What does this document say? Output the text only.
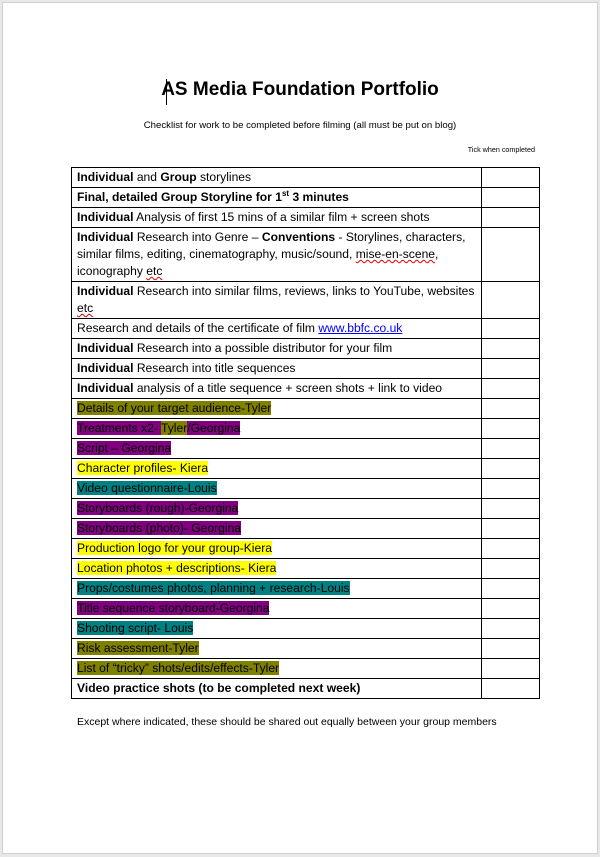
AS Media Foundation Portfolio
Checklist for work to be completed before filming (all must be put on blog)
Tick when completed
Individual and Group storylines	
Final, detailed Group Storyline for 1st 3 minutes	
Individual Analysis of first 15 mins of a similar film + screen shots	
Individual Research into Genre – Conventions - Storylines, characters, similar films, editing, cinematography, music/sound, mise-en-scene, iconography etc	
Individual Research into similar films, reviews, links to YouTube, websites etc	
Research and details of the certificate of film www.bbfc.co.uk	
Individual Research into a possible distributor for your film	
Individual Research into title sequences	
Individual analysis of a title sequence + screen shots + link to video	
Details of your target audience-Tyler	
Treatments x2- Tyler/Georgina	
Script – Georgina	
Character profiles- Kiera	
Video questionnaire-Louis	
Storyboards (rough)-Georgina	
Storyboards (photo)- Georgina	
Production logo for your group-Kiera	
Location photos + descriptions- Kiera	
Props/costumes photos, planning + research-Louis	
Title sequence storyboard-Georgina	
Shooting script- Louis	
Risk assessment-Tyler	
List of “tricky” shots/edits/effects-Tyler	
Video practice shots (to be completed next week)	
Except where indicated, these should be shared out equally between your group members
